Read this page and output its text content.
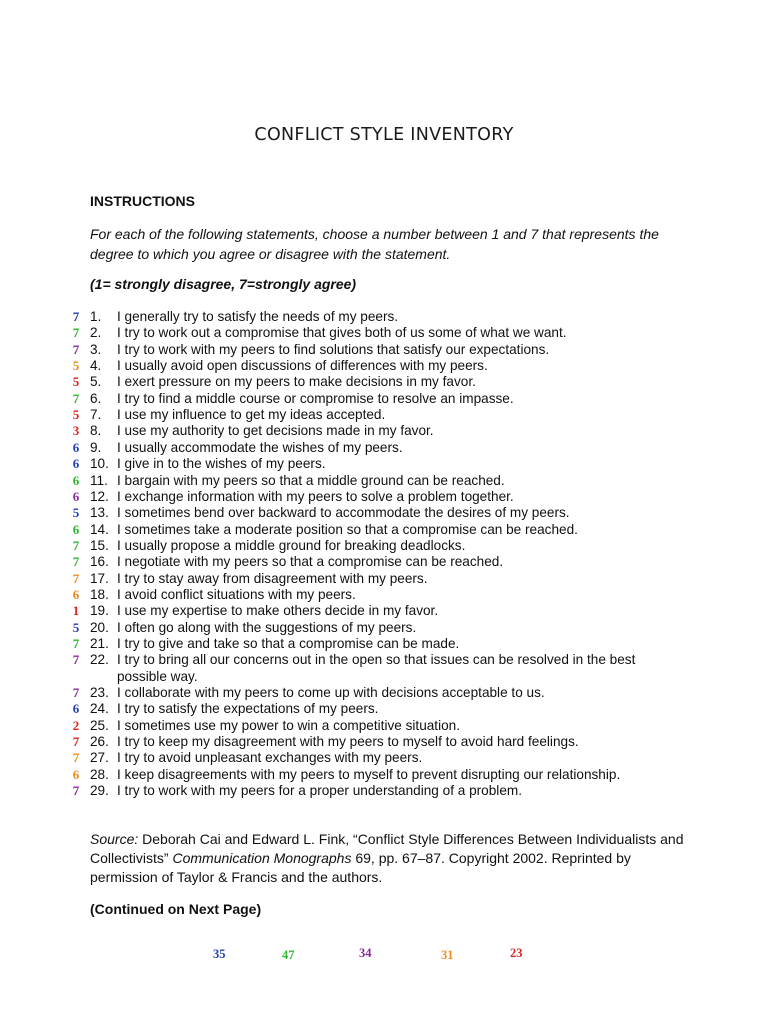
CONFLICT STYLE INVENTORY
INSTRUCTIONS
For each of the following statements, choose a number between 1 and 7 that represents the degree to which you agree or disagree with the statement.
(1= strongly disagree, 7=strongly agree)
7 1. I generally try to satisfy the needs of my peers.
7 2. I try to work out a compromise that gives both of us some of what we want.
7 3. I try to work with my peers to find solutions that satisfy our expectations.
5 4. I usually avoid open discussions of differences with my peers.
5 5. I exert pressure on my peers to make decisions in my favor.
7 6. I try to find a middle course or compromise to resolve an impasse.
5 7. I use my influence to get my ideas accepted.
3 8. I use my authority to get decisions made in my favor.
6 9. I usually accommodate the wishes of my peers.
6 10. I give in to the wishes of my peers.
6 11. I bargain with my peers so that a middle ground can be reached.
6 12. I exchange information with my peers to solve a problem together.
5 13. I sometimes bend over backward to accommodate the desires of my peers.
6 14. I sometimes take a moderate position so that a compromise can be reached.
7 15. I usually propose a middle ground for breaking deadlocks.
7 16. I negotiate with my peers so that a compromise can be reached.
7 17. I try to stay away from disagreement with my peers.
6 18. I avoid conflict situations with my peers.
1 19. I use my expertise to make others decide in my favor.
5 20. I often go along with the suggestions of my peers.
7 21. I try to give and take so that a compromise can be made.
7 22. I try to bring all our concerns out in the open so that issues can be resolved in the best possible way.
7 23. I collaborate with my peers to come up with decisions acceptable to us.
6 24. I try to satisfy the expectations of my peers.
2 25. I sometimes use my power to win a competitive situation.
7 26. I try to keep my disagreement with my peers to myself to avoid hard feelings.
7 27. I try to avoid unpleasant exchanges with my peers.
6 28. I keep disagreements with my peers to myself to prevent disrupting our relationship.
7 29. I try to work with my peers for a proper understanding of a problem.
Source: Deborah Cai and Edward L. Fink, “Conflict Style Differences Between Individualists and Collectivists” Communication Monographs 69, pp. 67–87. Copyright 2002. Reprinted by permission of Taylor & Francis and the authors.
(Continued on Next Page)
35	47	34	31	23
